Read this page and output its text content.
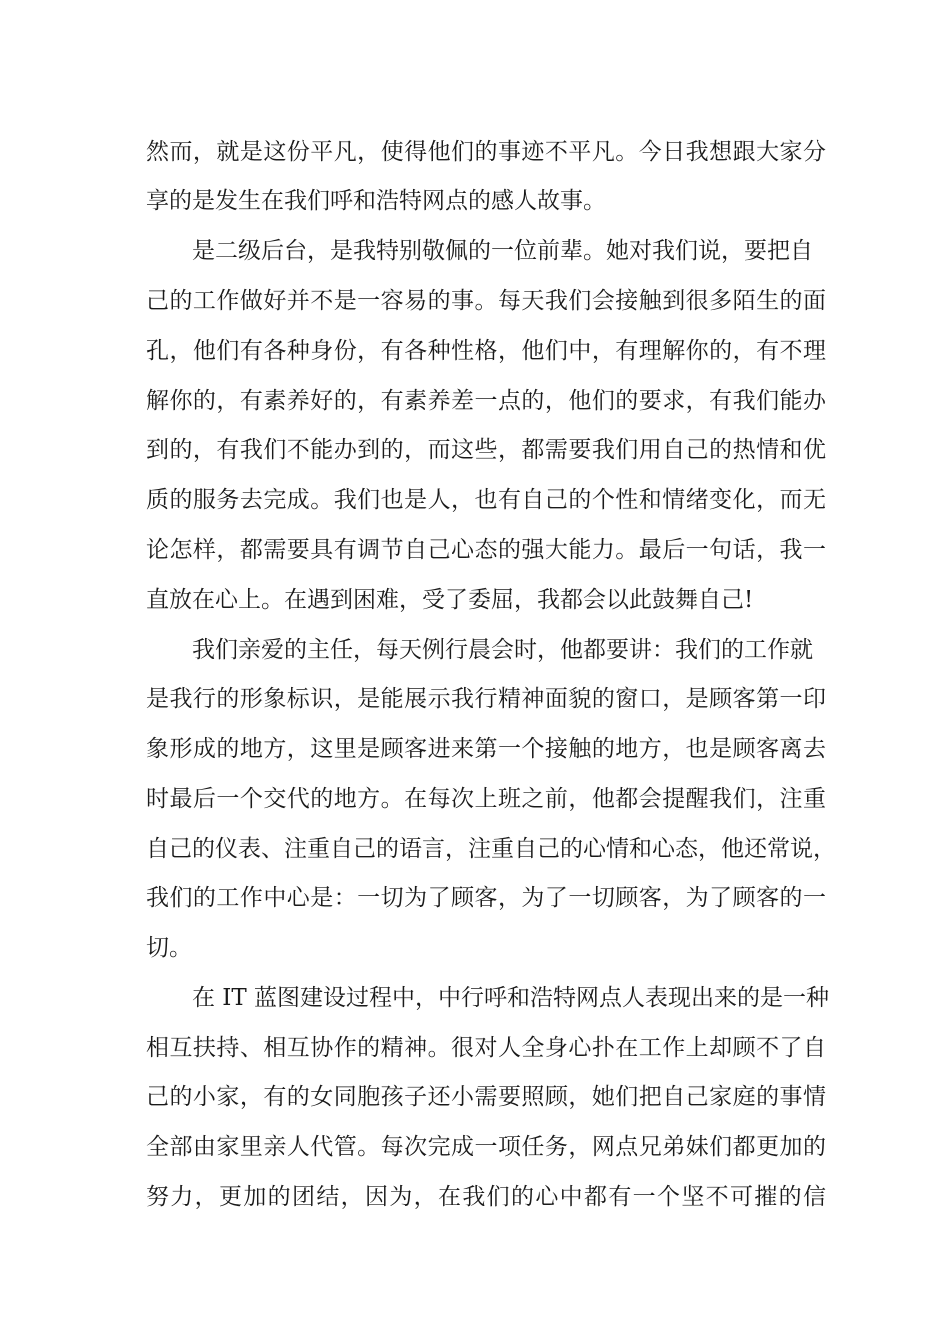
然而，就是这份平凡，使得他们的事迹不平凡。今日我想跟大家分

享的是发生在我们呼和浩特网点的感人故事。

是二级后台，是我特别敬佩的一位前辈。她对我们说，要把自

己的工作做好并不是一容易的事。每天我们会接触到很多陌生的面

孔，他们有各种身份，有各种性格，他们中，有理解你的，有不理

解你的，有素养好的，有素养差一点的，他们的要求，有我们能办

到的，有我们不能办到的，而这些，都需要我们用自己的热情和优

质的服务去完成。我们也是人，也有自己的个性和情绪变化，而无

论怎样，都需要具有调节自己心态的强大能力。最后一句话，我一

直放在心上。在遇到困难，受了委屈，我都会以此鼓舞自己!

我们亲爱的主任，每天例行晨会时，他都要讲：我们的工作就

是我行的形象标识，是能展示我行精神面貌的窗口，是顾客第一印

象形成的地方，这里是顾客进来第一个接触的地方，也是顾客离去

时最后一个交代的地方。在每次上班之前，他都会提醒我们，注重

自己的仪表、注重自己的语言，注重自己的心情和心态，他还常说，

我们的工作中心是：一切为了顾客，为了一切顾客，为了顾客的一

切。

在 IT 蓝图建设过程中，中行呼和浩特网点人表现出来的是一种

相互扶持、相互协作的精神。很对人全身心扑在工作上却顾不了自

己的小家，有的女同胞孩子还小需要照顾，她们把自己家庭的事情

全部由家里亲人代管。每次完成一项任务，网点兄弟妹们都更加的

努力，更加的团结，因为，在我们的心中都有一个坚不可摧的信
